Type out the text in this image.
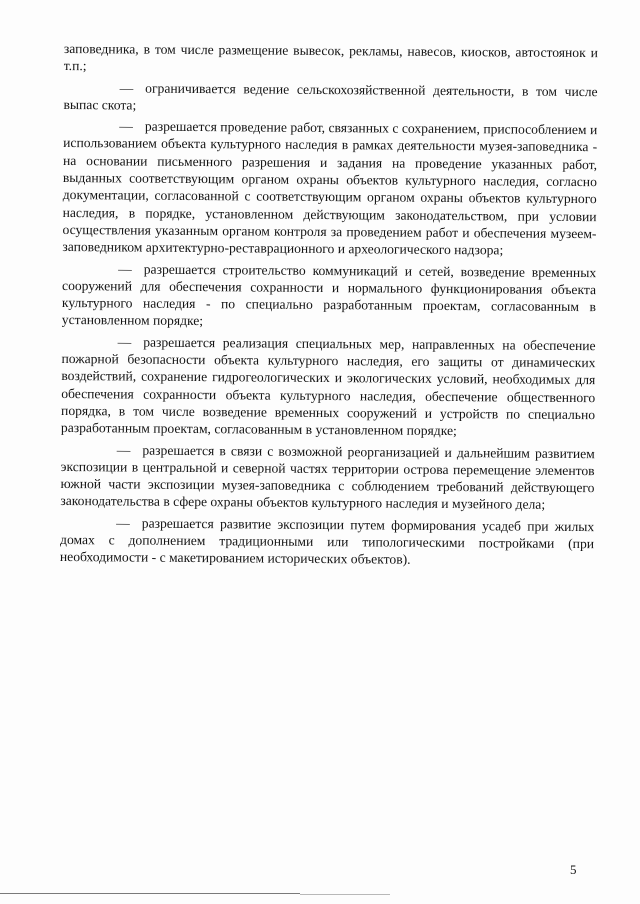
заповедника, в том числе размещение вывесок, рекламы, навесов, киосков, автостоянок и т.п.;

— ограничивается ведение сельскохозяйственной деятельности, в том числе выпас скота;

— разрешается проведение работ, связанных с сохранением, приспособлением и использованием объекта культурного наследия в рамках деятельности музея-заповедника - на основании письменного разрешения и задания на проведение указанных работ, выданных соответствующим органом охраны объектов культурного наследия, согласно документации, согласованной с соответствующим органом охраны объектов культурного наследия, в порядке, установленном действующим законодательством, при условии осуществления указанным органом контроля за проведением работ и обеспечения музеем-заповедником архитектурно-реставрационного и археологического надзора;

— разрешается строительство коммуникаций и сетей, возведение временных сооружений для обеспечения сохранности и нормального функционирования объекта культурного наследия - по специально разработанным проектам, согласованным в установленном порядке;

— разрешается реализация специальных мер, направленных на обеспечение пожарной безопасности объекта культурного наследия, его защиты от динамических воздействий, сохранение гидрогеологических и экологических условий, необходимых для обеспечения сохранности объекта культурного наследия, обеспечение общественного порядка, в том числе возведение временных сооружений и устройств по специально разработанным проектам, согласованным в установленном порядке;

— разрешается в связи с возможной реорганизацией и дальнейшим развитием экспозиции в центральной и северной частях территории острова перемещение элементов южной части экспозиции музея-заповедника с соблюдением требований действующего законодательства в сфере охраны объектов культурного наследия и музейного дела;

— разрешается развитие экспозиции путем формирования усадеб при жилых домах с дополнением традиционными или типологическими постройками (при необходимости - с макетированием исторических объектов).

5
